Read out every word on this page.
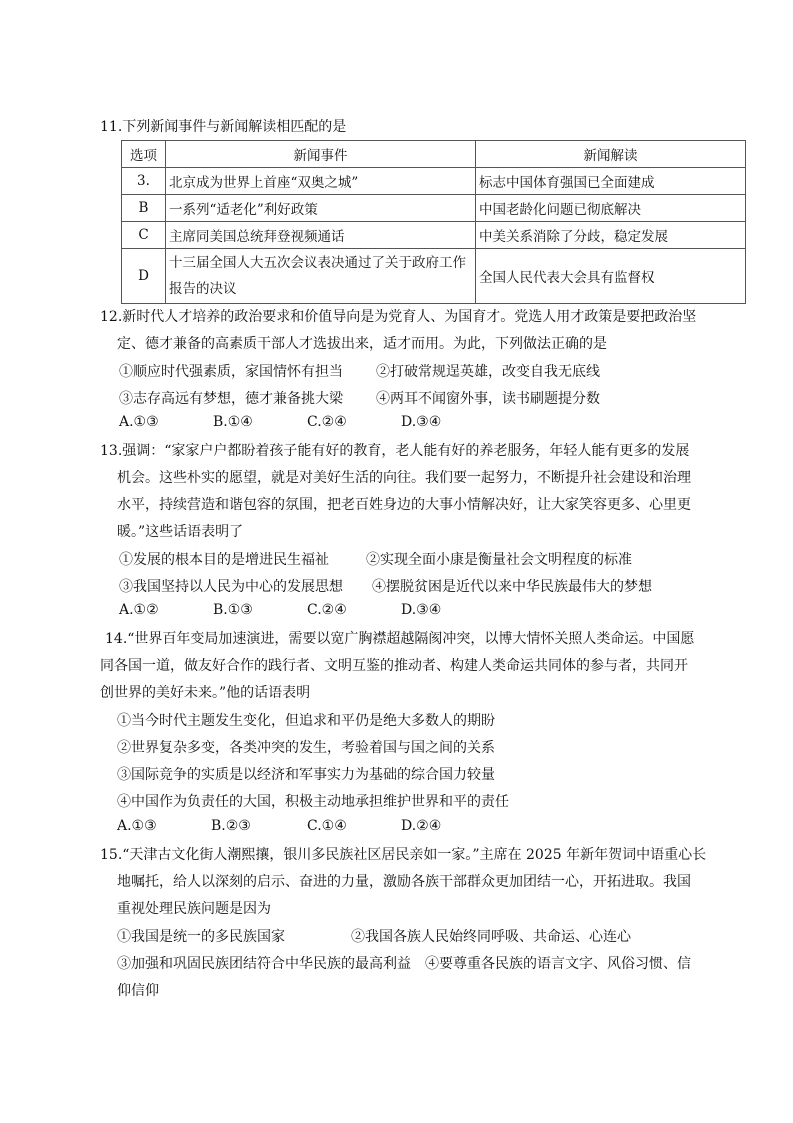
11.下列新闻事件与新闻解读相匹配的是
选项	新闻事件	新闻解读
3.	北京成为世界上首座“双奥之城”	标志中国体育强国已全面建成
B	一系列“适老化”利好政策	中国老龄化问题已彻底解决
C	主席同美国总统拜登视频通话	中美关系消除了分歧，稳定发展
D	十三届全国人大五次会议表决通过了关于政府工作报告的决议	全国人民代表大会具有监督权
12.新时代人才培养的政治要求和价值导向是为党育人、为国育才。党选人用才政策是要把政治坚
定、德才兼备的高素质干部人才选拔出来，适才而用。为此，下列做法正确的是
①顺应时代强素质，家国情怀有担当 ②打破常规逞英雄，改变自我无底线
③志存高远有梦想，德才兼备挑大梁 ④两耳不闻窗外事，读书刷题提分数
A.①③	B.①④	C.②④	D.③④
13.强调：“家家户户都盼着孩子能有好的教育，老人能有好的养老服务，年轻人能有更多的发展
机会。这些朴实的愿望，就是对美好生活的向往。我们要一起努力，不断提升社会建设和治理
水平，持续营造和谐包容的氛围，把老百姓身边的大事小情解决好，让大家笑容更多、心里更
暖。”这些话语表明了
①发展的根本目的是增进民生福祉	②实现全面小康是衡量社会文明程度的标准
③我国坚持以人民为中心的发展思想 ④摆脱贫困是近代以来中华民族最伟大的梦想
A.①②	B.①③	C.②④	D.③④
14.“世界百年变局加速演进，需要以宽广胸襟超越隔阂冲突，以博大情怀关照人类命运。中国愿
同各国一道，做友好合作的践行者、文明互鉴的推动者、构建人类命运共同体的参与者，共同开
创世界的美好未来。”他的话语表明
①当今时代主题发生变化，但追求和平仍是绝大多数人的期盼
②世界复杂多变，各类冲突的发生，考验着国与国之间的关系
③国际竞争的实质是以经济和军事实力为基础的综合国力较量
④中国作为负责任的大国，积极主动地承担维护世界和平的责任
A.①③	B.②③	C.①④	D.②④
15.“天津古文化街人潮熙攘，银川多民族社区居民亲如一家。”主席在 2025 年新年贺词中语重心长
地嘱托，给人以深刻的启示、奋进的力量，激励各族干部群众更加团结一心，开拓进取。我国
重视处理民族问题是因为
①我国是统一的多民族国家	②我国各族人民始终同呼吸、共命运、心连心
③加强和巩固民族团结符合中华民族的最高利益 ④要尊重各民族的语言文字、风俗习惯、信
仰信仰
